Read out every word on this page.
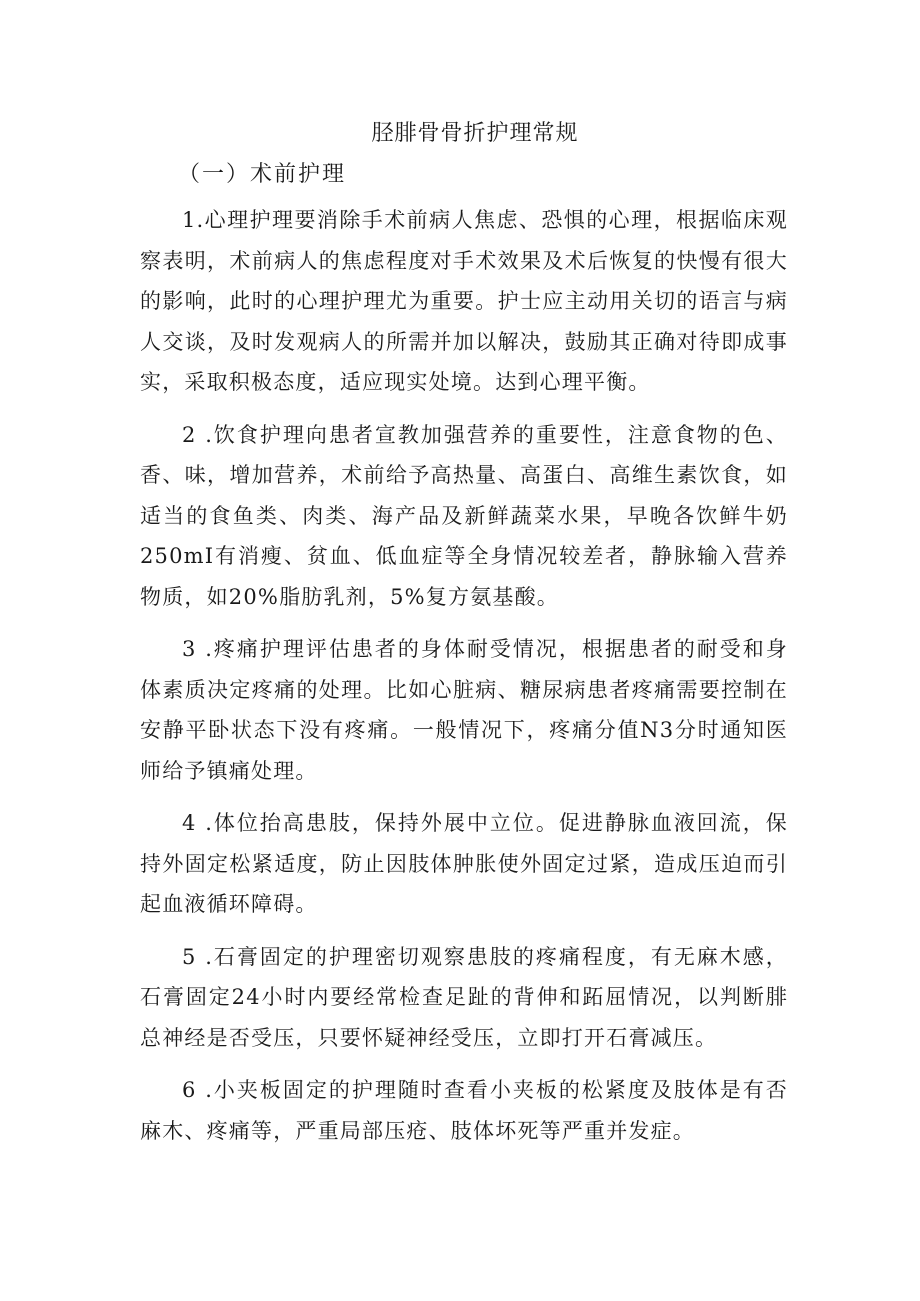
胫腓骨骨折护理常规
（一）术前护理

1.心理护理要消除手术前病人焦虑、恐惧的心理，根据临床观察表明，术前病人的焦虑程度对手术效果及术后恢复的快慢有很大的影响，此时的心理护理尤为重要。护士应主动用关切的语言与病人交谈，及时发观病人的所需并加以解决，鼓励其正确对待即成事实，采取积极态度，适应现实处境。达到心理平衡。

2 .饮食护理向患者宣教加强营养的重要性，注意食物的色、香、味，增加营养，术前给予高热量、高蛋白、高维生素饮食，如适当的食鱼类、肉类、海产品及新鲜蔬菜水果，早晚各饮鲜牛奶250mI有消瘦、贫血、低血症等全身情况较差者，静脉输入营养物质，如20%脂肪乳剂，5%复方氨基酸。

3 .疼痛护理评估患者的身体耐受情况，根据患者的耐受和身体素质决定疼痛的处理。比如心脏病、糖尿病患者疼痛需要控制在安静平卧状态下没有疼痛。一般情况下，疼痛分值N3分时通知医师给予镇痛处理。

4 .体位抬高患肢，保持外展中立位。促进静脉血液回流，保持外固定松紧适度，防止因肢体肿胀使外固定过紧，造成压迫而引起血液循环障碍。

5 .石膏固定的护理密切观察患肢的疼痛程度，有无麻木感，石膏固定24小时内要经常检查足趾的背伸和跖屈情况，以判断腓总神经是否受压，只要怀疑神经受压，立即打开石膏减压。

6 .小夹板固定的护理随时查看小夹板的松紧度及肢体是有否麻木、疼痛等，严重局部压疮、肢体坏死等严重并发症。
